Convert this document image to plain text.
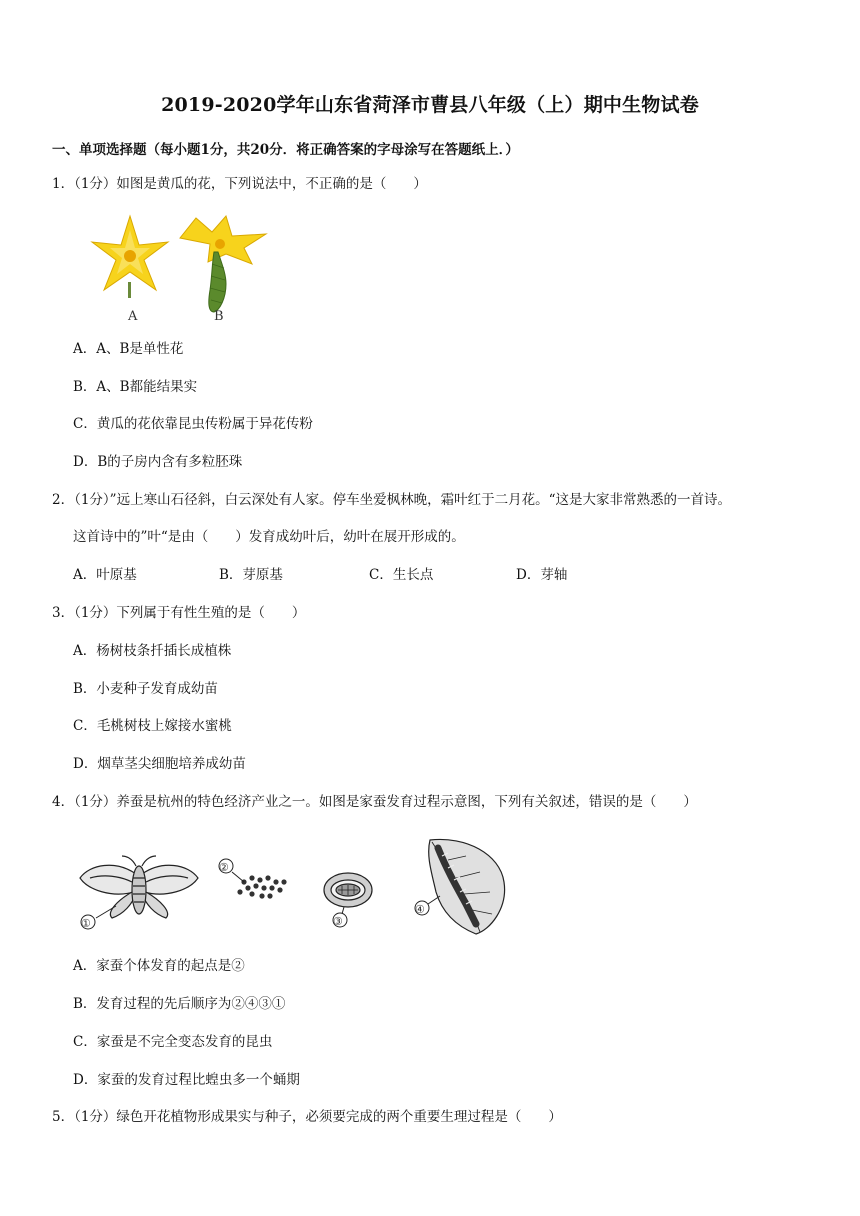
2019-2020学年山东省菏泽市曹县八年级（上）期中生物试卷
一、单项选择题（每小题1分，共20分．将正确答案的字母涂写在答题纸上．）
1．（1分）如图是黄瓜的花，下列说法中，不正确的是（　　）
A	B
A．A、B是单性花
B．A、B都能结果实
C．黄瓜的花依靠昆虫传粉属于异花传粉
D．B的子房内含有多粒胚珠
2．（1分）”远上寒山石径斜，白云深处有人家。停车坐爱枫林晚，霜叶红于二月花。“这是大家非常熟悉的一首诗。
这首诗中的”叶“是由（　　）发育成幼叶后，幼叶在展开形成的。
A．叶原基	B．芽原基	C．生长点	D．芽轴
3．（1分）下列属于有性生殖的是（　　）
A．杨树枝条扦插长成植株
B．小麦种子发育成幼苗
C．毛桃树枝上嫁接水蜜桃
D．烟草茎尖细胞培养成幼苗
4．（1分）养蚕是杭州的特色经济产业之一。如图是家蚕发育过程示意图，下列有关叙述，错误的是（　　）
①
②
③
④
A．家蚕个体发育的起点是②
B．发育过程的先后顺序为②④③①
C．家蚕是不完全变态发育的昆虫
D．家蚕的发育过程比蝗虫多一个蛹期
5．（1分）绿色开花植物形成果实与种子，必须要完成的两个重要生理过程是（　　）
